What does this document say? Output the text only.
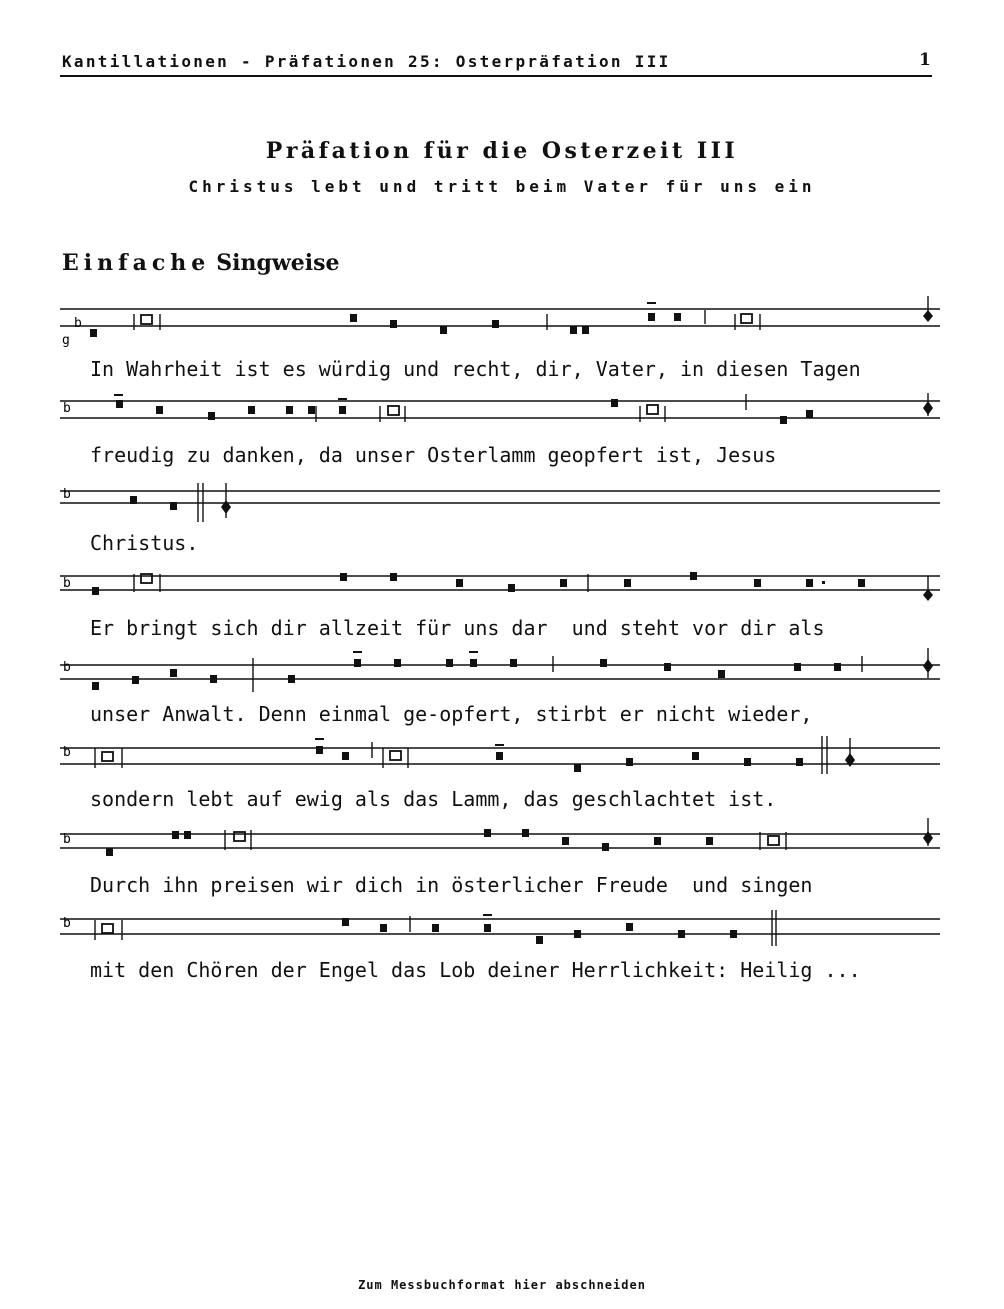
Kantillationen - Präfationen 25: Osterpräfation III	1
Präfation für die Osterzeit III
Christus lebt und tritt beim Vater für uns ein
Einfache Singweise
b
g
In Wahrheit ist es würdig und recht, dir, Vater, in diesen Tagen
b
freudig zu danken, da unser Osterlamm geopfert ist, Jesus
b
Christus.
b
Er bringt sich dir allzeit für uns dar  und steht vor dir als
b
unser Anwalt. Denn einmal ge-opfert, stirbt er nicht wieder,
b
sondern lebt auf ewig als das Lamm, das geschlachtet ist.
b
Durch ihn preisen wir dich in österlicher Freude  und singen
b
mit den Chören der Engel das Lob deiner Herrlichkeit: Heilig ...
Zum Messbuchformat hier abschneiden
